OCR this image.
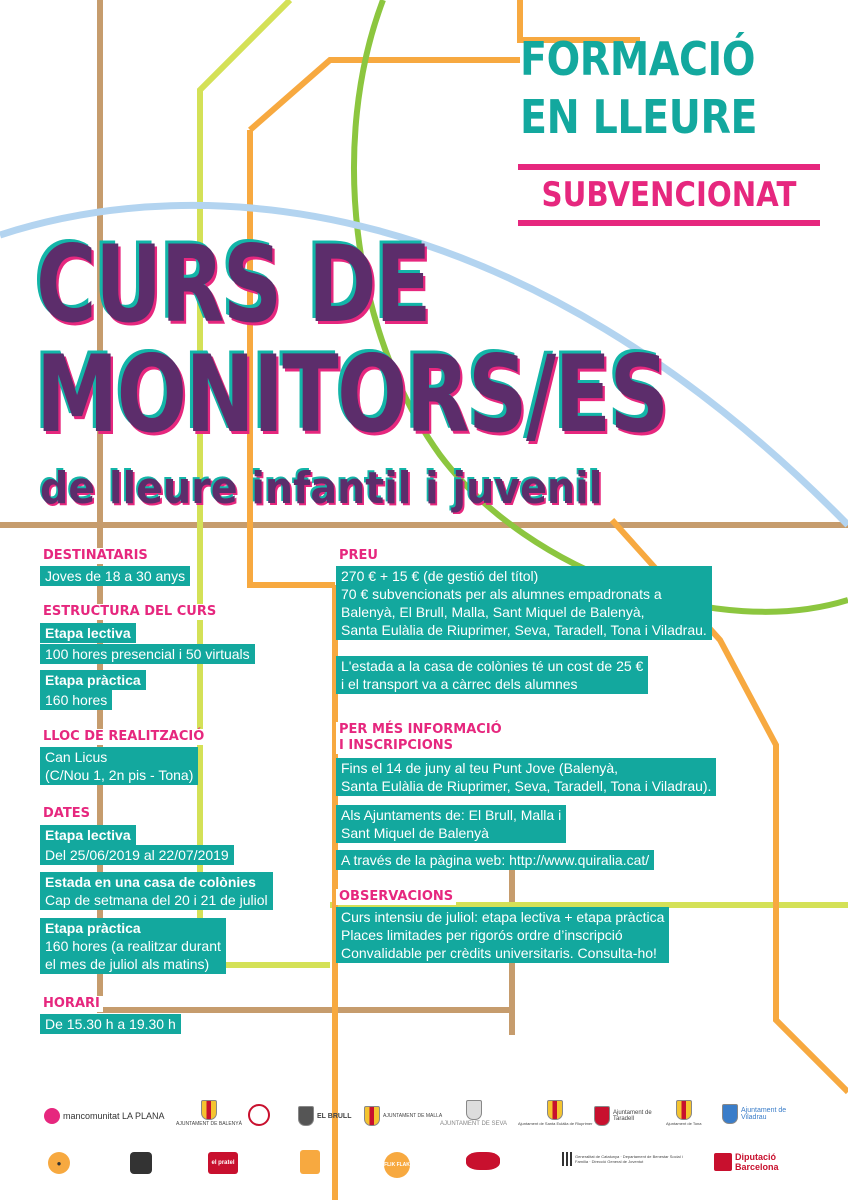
FORMACIÓ
EN LLEURE
SUBVENCIONAT
CURS DE
MONITORS/ES
de lleure infantil i juvenil
DESTINATARIS
Joves de 18 a 30 anys
ESTRUCTURA DEL CURS
Etapa lectiva
100 hores presencial i 50 virtuals
Etapa pràctica
160 hores
LLOC DE REALITZACIÓ
Can Licus
(C/Nou 1, 2n pis - Tona)
DATES
Etapa lectiva
Del 25/06/2019 al 22/07/2019
Estada en una casa de colònies
Cap de setmana del 20 i 21 de juliol
Etapa pràctica
160 hores (a realitzar durant
el mes de juliol als matins)
HORARI
De 15.30 h a 19.30 h
PREU
270 € + 15 € (de gestió del títol)
70 € subvencionats per als alumnes empadronats a
Balenyà, El Brull, Malla, Sant Miquel de Balenyà,
Santa Eulàlia de Riuprimer, Seva, Taradell, Tona i Viladrau.
L'estada a la casa de colònies té un cost de 25 €
i el transport va a càrrec dels alumnes
PER MÉS INFORMACIÓ
I INSCRIPCIONS
Fins el 14 de juny al teu Punt Jove (Balenyà,
Santa Eulàlia de Riuprimer, Seva, Taradell, Tona i Viladrau).
Als Ajuntaments de: El Brull, Malla i
Sant Miquel de Balenyà
A través de la pàgina web: http://www.quiralia.cat/
OBSERVACIONS
Curs intensiu de juliol: etapa lectiva + etapa pràctica
Places limitades per rigorós ordre d’inscripció
Convalidable per crèdits universitaris. Consulta-ho!
mancomunitat LA PLANA
AJUNTAMENT DE BALENYÀ
EL BRULL	AJUNTAMENT DE MALLA
AJUNTAMENT DE SEVA	Ajuntament de Santa Eulàlia de Riuprimer
Ajuntament de Taradell
Ajuntament de Tona
Ajuntament de Viladrau
●	el pratel	FLIK FLAK
Generalitat de Catalunya · Departament de Benestar Social i Família · Direcció General de Joventut	Diputació Barcelona
